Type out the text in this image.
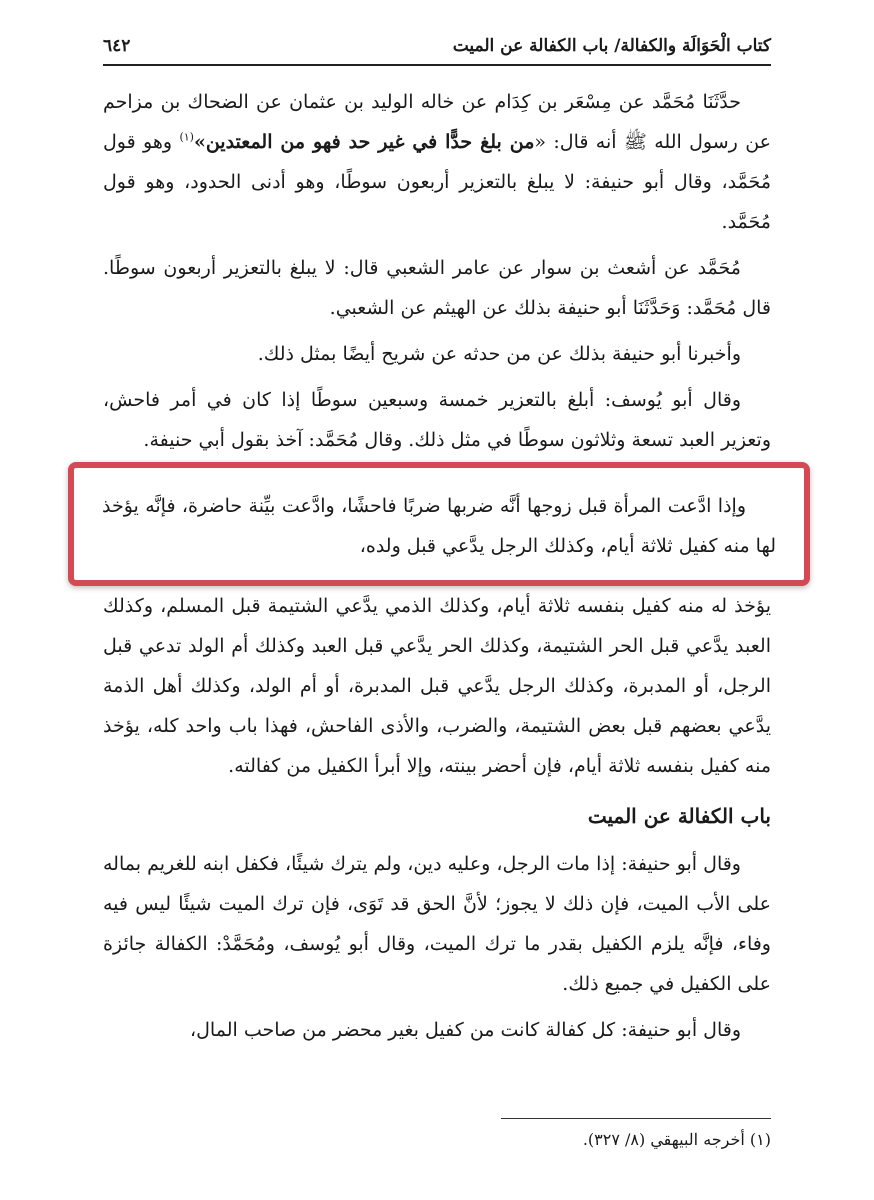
كتاب الْحَوَالَة والكفالة/ باب الكفالة عن الميت
٦٤٢

حدَّثَنَا مُحَمَّد عن مِسْعَر بن كِدَام عن خاله الوليد بن عثمان عن الضحاك بن مزاحم عن رسول الله ﷺ أنه قال: «من بلغ حدًّا في غير حد فهو من المعتدين»$^{(١)}$ وهو قول مُحَمَّد، وقال أبو حنيفة: لا يبلغ بالتعزير أربعون سوطًا، وهو أدنى الحدود، وهو قول مُحَمَّد.

مُحَمَّد عن أشعث بن سوار عن عامر الشعبي قال: لا يبلغ بالتعزير أربعون سوطًا. قال مُحَمَّد: وَحَدَّثَنَا أبو حنيفة بذلك عن الهيثم عن الشعبي.

وأخبرنا أبو حنيفة بذلك عن من حدثه عن شريح أيضًا بمثل ذلك.

وقال أبو يُوسف: أبلغ بالتعزير خمسة وسبعين سوطًا إذا كان في أمر فاحش، وتعزير العبد تسعة وثلاثون سوطًا في مثل ذلك. وقال مُحَمَّد: آخذ بقول أبي حنيفة.

يؤخذ له منه كفيل بنفسه ثلاثة أيام، وكذلك الذمي يدَّعي الشتيمة قبل المسلم، وكذلك العبد يدَّعي قبل الحر الشتيمة، وكذلك الحر يدَّعي قبل العبد وكذلك أم الولد تدعي قبل الرجل، أو المدبرة، وكذلك الرجل يدَّعي قبل المدبرة، أو أم الولد، وكذلك أهل الذمة يدَّعي بعضهم قبل بعض الشتيمة، والضرب، والأذى الفاحش، فهذا باب واحد كله، يؤخذ منه كفيل بنفسه ثلاثة أيام، فإن أحضر بينته، وإلا أبرأ الكفيل من كفالته.

باب الكفالة عن الميت

وقال أبو حنيفة: إذا مات الرجل، وعليه دين، ولم يترك شيئًا، فكفل ابنه للغريم بماله على الأب الميت، فإن ذلك لا يجوز؛ لأنَّ الحق قد تَوَى، فإن ترك الميت شيئًا ليس فيه وفاء، فإنَّه يلزم الكفيل بقدر ما ترك الميت، وقال أبو يُوسف، ومُحَمَّدْ: الكفالة جائزة على الكفيل في جميع ذلك.

وقال أبو حنيفة: كل كفالة كانت من كفيل بغير محضر من صاحب المال،

(١) أخرجه البيهقي (٨/ ٣٢٧).
وإذا ادَّعت المرأة قبل زوجها أنَّه ضربها ضربًا فاحشًا، وادَّعت بيِّنة حاضرة، فإنَّه يؤخذ لها منه كفيل ثلاثة أيام، وكذلك الرجل يدَّعي قبل ولده،
